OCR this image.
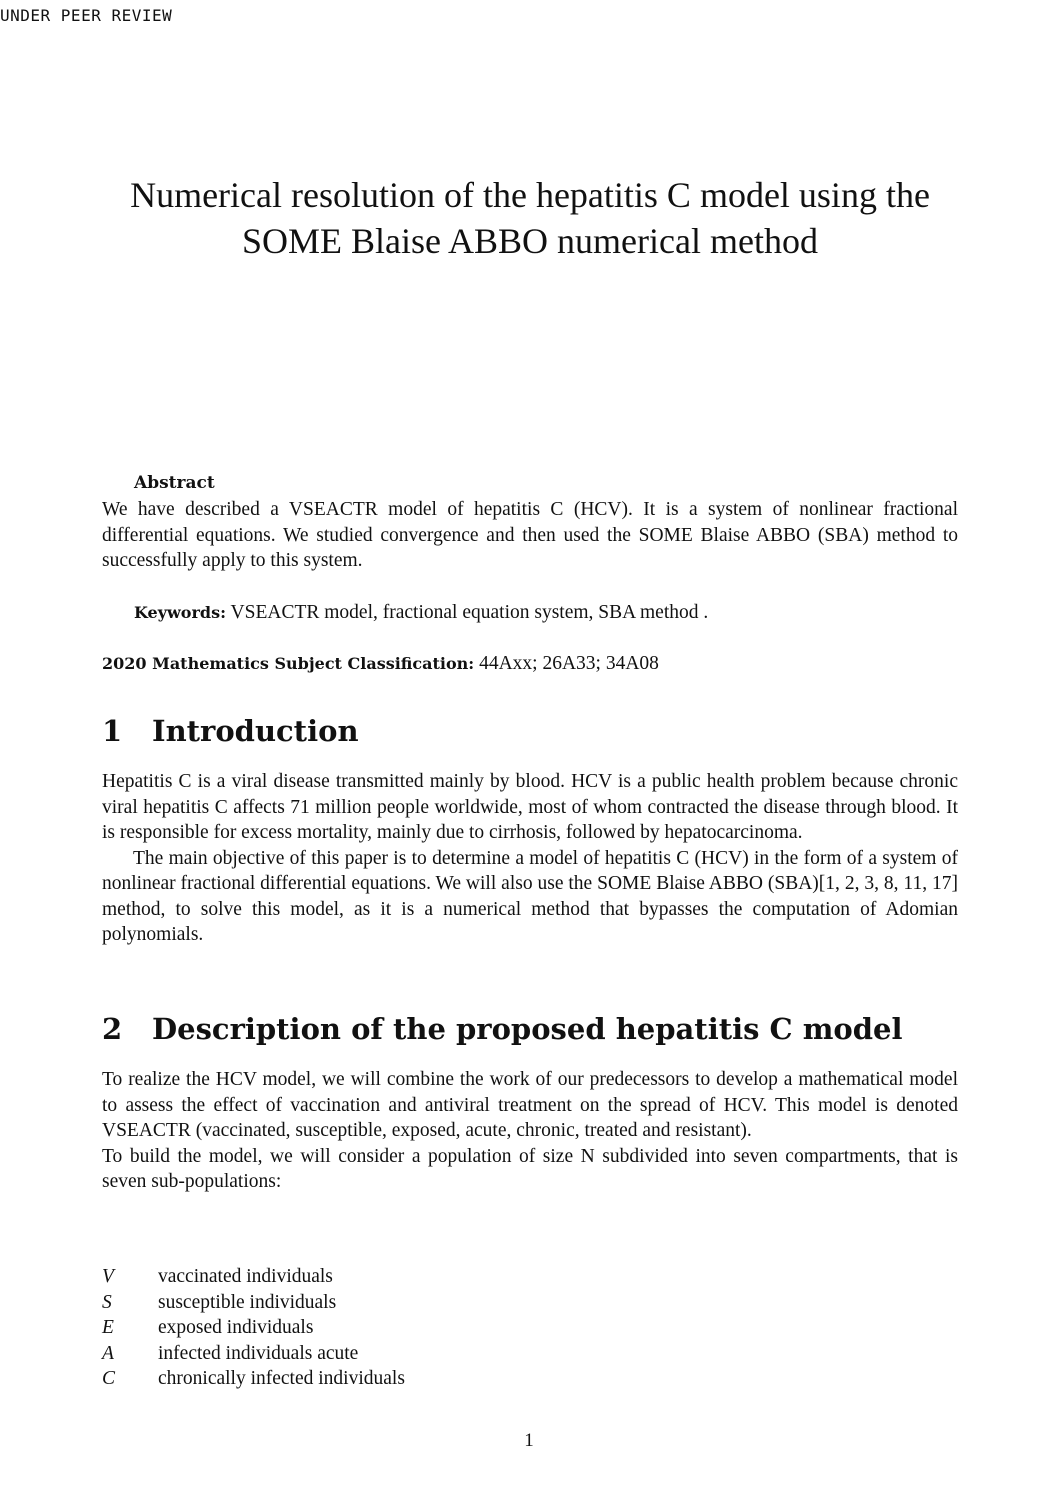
UNDER PEER REVIEW
Numerical resolution of the hepatitis C model using the
SOME Blaise ABBO numerical method
Abstract

We have described a VSEACTR model of hepatitis C (HCV). It is a system of nonlinear fractional differential equations. We studied convergence and then used the SOME Blaise ABBO (SBA) method to successfully apply to this system.

Keywords: VSEACTR model, fractional equation system, SBA method .

2020 Mathematics Subject Classification: 44Axx; 26A33; 34A08

1 Introduction

Hepatitis C is a viral disease transmitted mainly by blood. HCV is a public health problem because chronic viral hepatitis C affects 71 million people worldwide, most of whom contracted the disease through blood. It is responsible for excess mortality, mainly due to cirrhosis, followed by hepatocarcinoma.

The main objective of this paper is to determine a model of hepatitis C (HCV) in the form of a system of nonlinear fractional differential equations. We will also use the SOME Blaise ABBO (SBA)[1, 2, 3, 8, 11, 17] method, to solve this model, as it is a numerical method that bypasses the computation of Adomian polynomials.

2 Description of the proposed hepatitis C model

To realize the HCV model, we will combine the work of our predecessors to develop a mathematical model to assess the effect of vaccination and antiviral treatment on the spread of HCV. This model is denoted VSEACTR (vaccinated, susceptible, exposed, acute, chronic, treated and resistant).

To build the model, we will consider a population of size N subdivided into seven compartments, that is seven sub-populations:

V	vaccinated individuals
S	susceptible individuals
E	exposed individuals
A	infected individuals acute
C	chronically infected individuals
1
